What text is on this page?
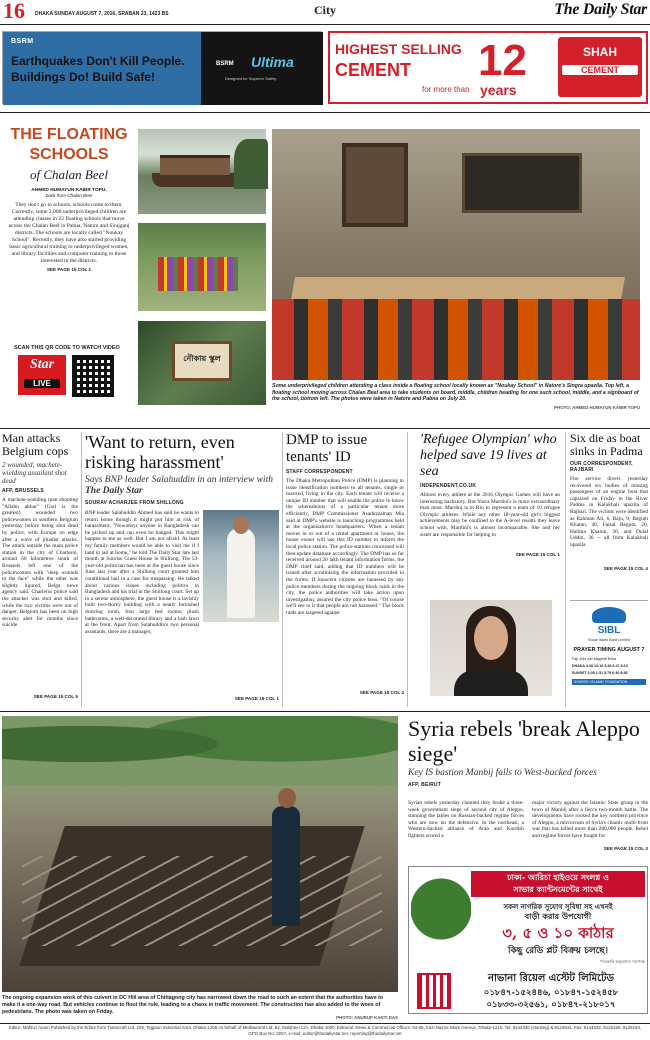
16 DHAKA SUNDAY AUGUST 7, 2016, SRABAN 23, 1423 BS	City	The Daily Star
BSRM
Earthquakes Don't Kill People.
Buildings Do! Build Safe!
BSRM Ultima
Designed for Superior Safety
HIGHEST SELLING
CEMENT
for more than
12
years
SHAH
CEMENT
THE FLOATING
SCHOOLS
of Chalan Beel
AHMED HUMAYUN KABIR TOPU,
back from Chalan Beel
They don't go to schools, schools come to them. Currently, some 2,000 underprivileged children are attending classes in 22 floating schools that move across the Chalan Beel in Pabna, Natore and Sirajganj districts. The schools are locally called "Noukay School". Recently, they have also started providing basic agricultural training to underprivileged women, and library facilities and computer training to those interested in the districts.
SEE PAGE 15 COL 1
নৌকায় স্কুল
Some underprivileged children attending a class inside a floating school locally known as "Noukay School" in Natore's Singra upazila. Top left, a floating school moving across Chalan Beel area to take students on board, middle, children heading for one such school, middle, and a signboard of the school, bottom left. The photos were taken in Natore and Pabna on July 20.
PHOTO: AHMED HUMAYUN KABIR TOPU
SCAN THIS QR CODE TO WATCH VIDEO
Star
LIVE
Man attacks Belgium cops
2 wounded; machete-wielding assailant shot dead
AFP, BRUSSELS
A machete-wielding man shouting "Allahu akbar" (God is the greatest) wounded two policewomen in southern Belgium yesterday before being shot dead by police, with Europe on edge after a wave of jihadist attacks. The attack outside the main police station in the city of Charleroi, around 60 kilometres south of Brussels left one of the policewomen with "deep wounds to the face" while the other was slightly injured, Belga news agency said. Charleroi police said the attacker was shot and killed, while the two victims were out of danger. Belgium has been on high security alert for months since suicide
SEE PAGE 15 COL 5
'Want to return, even risking harassment'
Says BNP leader Salahuddin in an interview with The Daily Star
SOURAV ACHARJEE FROM SHILLONG
BNP leader Salahuddin Ahmed has said he wants to return home though it might put him at risk of harassment. "Nowadays anyone in Bangladesh can be picked up and can even be hanged. This might happen to me as well. But I am not afraid. At least my family members would be able to visit me if I land in jail at home," he told The Daily Star late last month at Sunrise Guest House in Shillong. The 53-year-old politician has been at the guest house since June last year after a Shillong court granted him conditional bail in a case for trespassing. He talked about various issues including politics in Bangladesh and his trial in the Shillong court. Set up in a serene atmosphere, the guest house is a lavishly built two-storey building with a neatly furnished drawing room, four large bed rooms, plush bathrooms, a well-decorated library and a lush lawn at the front. Apart from Salahuddin's two personal assistants, there are a manager,
SEE PAGE 15 COL 1
DMP to issue tenants' ID
STAFF CORRESPONDENT
The Dhaka Metropolitan Police (DMP) is planning to issue identification numbers to all tenants, single or married, living in the city. Each tenant will receive a unique ID number that will enable the police to know the whereabouts of a particular tenant more efficiently, DMP Commissioner Asaduzzaman Mia said at DMP's website is launching programmes held at the organisation's headquarters. When a tenant moves in or out of a rental apartment or house, the house owner will use this ID number to inform the local police station. The police stations concerned will then update database accordingly. The DMP has so far received around 20 lakh tenant information forms, the DMP chief said, adding that ID numbers will be issued after scrutinising the information provided in the forms. If innocent citizens are harassed by any police members during the ongoing block raids in the city, the police authorities will take action upon investigation, assured the city police boss. "Of course we'll see to it that people are not harassed." The block raids are targeted against
SEE PAGE 15 COL 4
'Refugee Olympian' who helped save 19 lives at sea
INDEPENDENT.CO.UK
Almost every athlete at the 2016 Olympic Games will have an interesting backstory. But Yusra Mardini's is more extraordinary than most. Mardini is in Rio to represent a team of 10 refugee Olympic athletes. While any other 18-year-old girl's biggest achievements may be confined to the A-level results they leave school with, Mardini's is almost incomparable. She and her sister are responsible for helping to
SEE PAGE 15 COL 1
Six die as boat sinks in Padma
OUR CORRESPONDENT, RAJBARI
Fire service divers yesterday recovered six bodies of missing passengers of an engine boat that capsized on Friday in the River Padma in Kalukhali upazila of Rajbari. The victims were identified as Rahman Ali, 6, Raju, 9, Begum Khatun, 40, Faisal Begum, 20, Halima Khatun, 30, and Dulal Uddin, 36 -- all from Kalukhali upazila
SEE PAGE 15 COL 4
SIBL
Social Islami Bank Limited
PRAYER TIMING AUGUST 7
Fajr Zohr Asr Maghrib Esha
DHAKA 4:28 12:10 3:46 6:47 8:13
SUNSET 6:35 1:31 5:75 6:30 8:38
SOURCE: ISLAMIC FOUNDATION
The ongoing expansion work of this culvert in DC Hill area of Chittagong city has narrowed down the road to such an extent that the authorities have to make it a one-way road. But vehicles continue to flout the rule, leading to a chaos in traffic movement. The construction has also added to the woes of pedestrians. The photo was taken on Friday.
PHOTO: ANURUP KANTI DAS
Syria rebels 'break Aleppo siege'
Key IS bastion Manbij falls to West-backed forces
AFP, BEIRUT
Syrian rebels yesterday claimed they broke a three-week government siege of second city of Aleppo, stunning the tables on Russian-backed regime forces who are now on the defensive. In the northeast, a Western-backed alliance of Arab and Kurdish fighters scored a
major victory against the Islamic State group in the town of Manbij after a fierce two-month battle. The developments have rocked the key northern province of Aleppo, a microcosm of Syria's chaotic multi-front war that has killed more than 280,000 people. Rebel and regime forces have fought for
SEE PAGE 15 COL 3
ঢাকা- আরিচা হাইওয়ে সংলগ্ন ও
সাভার ক্যান্টনমেন্টের সাথেই
সকল নাগরিক সুযোগ সুবিধা সহ এখনই
বাড়ী করার উপযোগী
৩, ৫ ও ১০ কাঠার
কিছু রেডি প্লট বিক্রয় চলছে।
*সরকারি অনুমোদন সাপেক্ষে
নাভানা রিয়েল এস্টেট লিমিটেড
০১৮৪৭-১৫২৪৪৬, ০১৮৪৭-১৫২৪৫৮
০১৮৩৩-৩২৫৬১, ০১৮৪৭-২১৮০১৭
Editor: Mahfuz Anam Published by the Editor from Transcraft Ltd, 229, Tejgaon Industrial Area, Dhaka-1208 on behalf of Mediaworld Ltd, 52, Motijheel C/A, Dhaka-1000. Editorial, News & Commercial Offices: 64-65, Kazi Nazrul Islam Avenue, Dhaka-1215. Tel: 9144330 (Hunting) & 8124944, Fax: 9144332, 8125155, 8128194, GPO Box No: 3257, e-mail: editor@thedailystar.net, reporting@thedailystar.net
